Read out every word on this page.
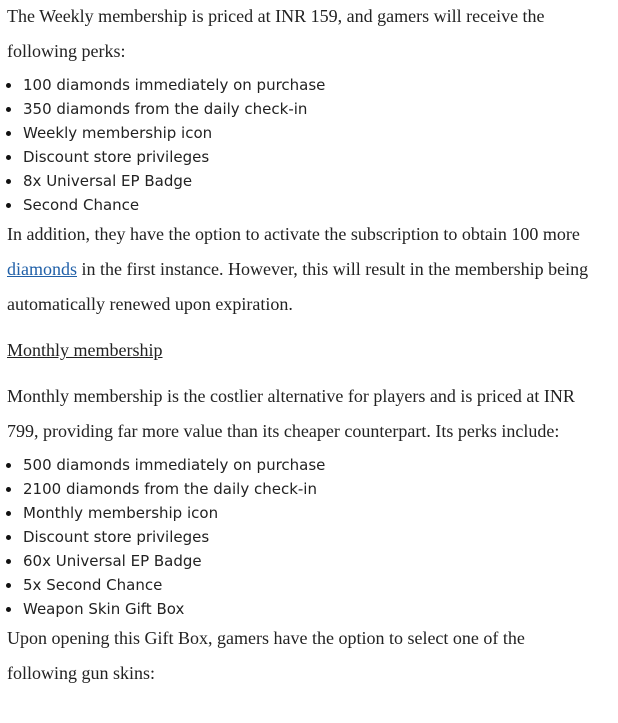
The Weekly membership is priced at INR 159, and gamers will receive the following perks:

100 diamonds immediately on purchase
350 diamonds from the daily check-in
Weekly membership icon
Discount store privileges
8x Universal EP Badge
Second Chance

In addition, they have the option to activate the subscription to obtain 100 more diamonds in the first instance. However, this will result in the membership being automatically renewed upon expiration.

Monthly membership

Monthly membership is the costlier alternative for players and is priced at INR 799, providing far more value than its cheaper counterpart. Its perks include:

500 diamonds immediately on purchase
2100 diamonds from the daily check-in
Monthly membership icon
Discount store privileges
60x Universal EP Badge
5x Second Chance
Weapon Skin Gift Box

Upon opening this Gift Box, gamers have the option to select one of the following gun skins:
